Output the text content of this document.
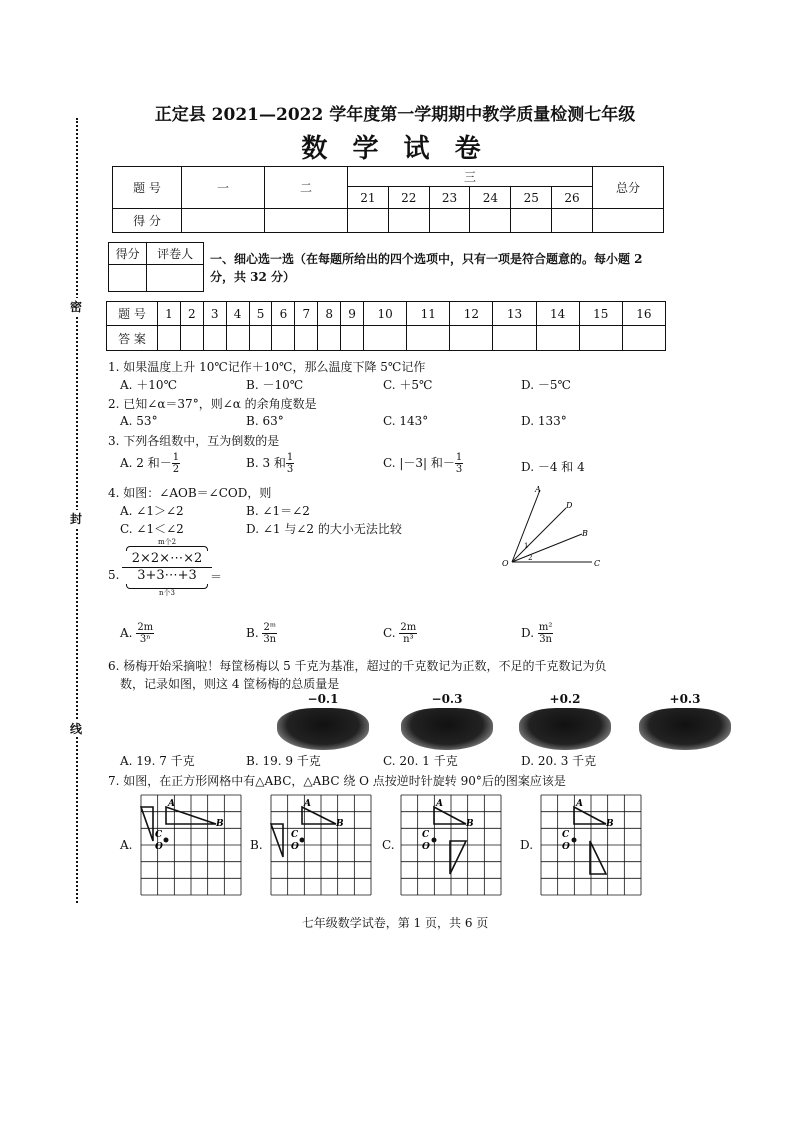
密
封
线
正定县 2021—2022 学年度第一学期期中教学质量检测七年级
数 学 试 卷
题 号	一	二	三						总分
			21	22	23	24	25	26	
得 分									
得分	评卷人
	一、细心选一选（在每题所给出的四个选项中，只有一项是符合题意的。每小题 2 分，共 32 分）
题 号	1	2	3	4	5	6	7	8	9	10	11	12	13	14	15	16
答 案																
1. 如果温度上升 10℃记作＋10℃，那么温度下降 5℃记作
A. ＋10℃	B. －10℃	C. ＋5℃	D. －5℃
2. 已知∠α＝37°，则∠α 的余角度数是
A. 53°	B. 63°	C. 143°	D. 133°
3. 下列各组数中，互为倒数的是
A. 2 和－ $\frac{1}{2}$	B. 3 和 $\frac{1}{3}$	C. |－3| 和－ $\frac{1}{3}$	D. －4 和 4
4. 如图：∠AOB＝∠COD，则
A. ∠1＞∠2	B. ∠1＝∠2
C. ∠1＜∠2	D. ∠1 与∠2 的大小无法比较
A
D
B
O	C
1
2
5.
m个2
2×2×⋯×2
3+3⋯+3
n个3
＝
A. $\frac{2m}{\text{3ⁿ}}$	B. $\frac{\text{2ᵐ}}{3n}$	C. $\frac{2m}{\text{n³}}$	D. $\frac{\text{m²}}{3n}$
6. 杨梅开始采摘啦！每筐杨梅以 5 千克为基准，超过的千克数记为正数，不足的千克数记为负
数，记录如图，则这 4 筐杨梅的总质量是
−0.1	−0.3	+0.2	+0.3
A. 19. 7 千克	B. 19. 9 千克	C. 20. 1 千克	D. 20. 3 千克
7. 如图，在正方形网格中有△ABC，△ABC 绕 O 点按逆时针旋转 90°后的图案应该是
A.
A
B
C
O	B.
A
B
C
O	C.
A
B
C
O	D.
A
B
C
O
七年级数学试卷，第 1 页，共 6 页
